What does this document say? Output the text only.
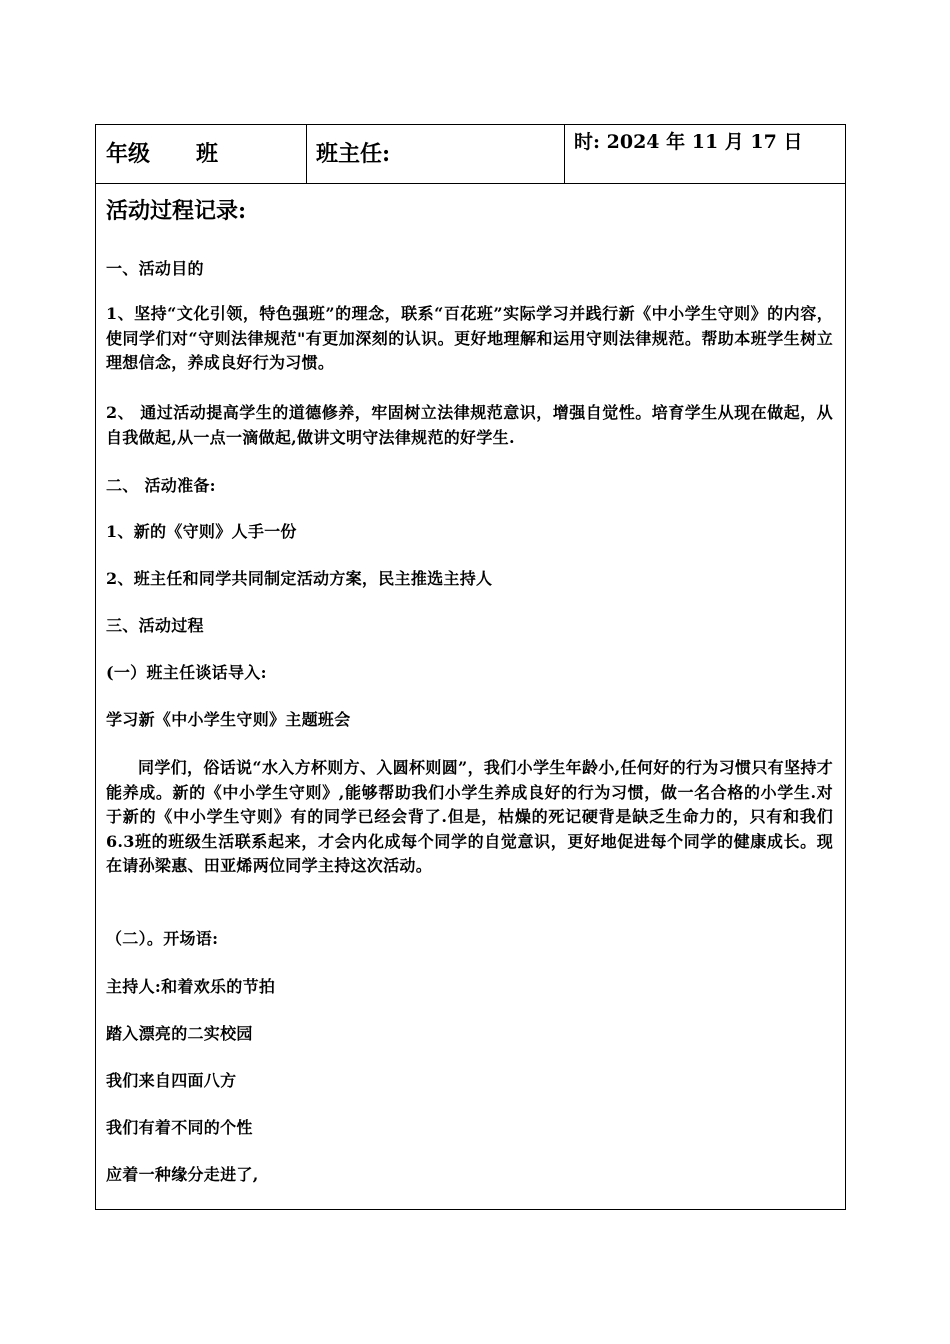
年级      班	班主任:	时: 2024 年 11 月 17 日
活动过程记录:
一、活动目的
1、坚持“文化引领，特色强班”的理念，联系“百花班”实际学习并践行新《中小学生守则》的内容，使同学们对“守则法律规范"有更加深刻的认识。更好地理解和运用守则法律规范。帮助本班学生树立理想信念，养成良好行为习惯。
2、 通过活动提高学生的道德修养，牢固树立法律规范意识，增强自觉性。培育学生从现在做起，从自我做起,从一点一滴做起,做讲文明守法律规范的好学生.
二、 活动准备:
1、新的《守则》人手一份
2、班主任和同学共同制定活动方案，民主推选主持人
三、活动过程
(一）班主任谈话导入:
学习新《中小学生守则》主题班会
同学们，俗话说“水入方杯则方、入圆杯则圆”，我们小学生年龄小,任何好的行为习惯只有坚持才能养成。新的《中小学生守则》,能够帮助我们小学生养成良好的行为习惯，做一名合格的小学生.对于新的《中小学生守则》有的同学已经会背了.但是，枯燥的死记硬背是缺乏生命力的，只有和我们6.3班的班级生活联系起来，才会内化成每个同学的自觉意识，更好地促进每个同学的健康成长。现在请孙梁惠、田亚烯两位同学主持这次活动。
（二）。开场语:
主持人:和着欢乐的节拍
踏入漂亮的二实校园
我们来自四面八方
我们有着不同的个性
应着一种缘分走进了,
